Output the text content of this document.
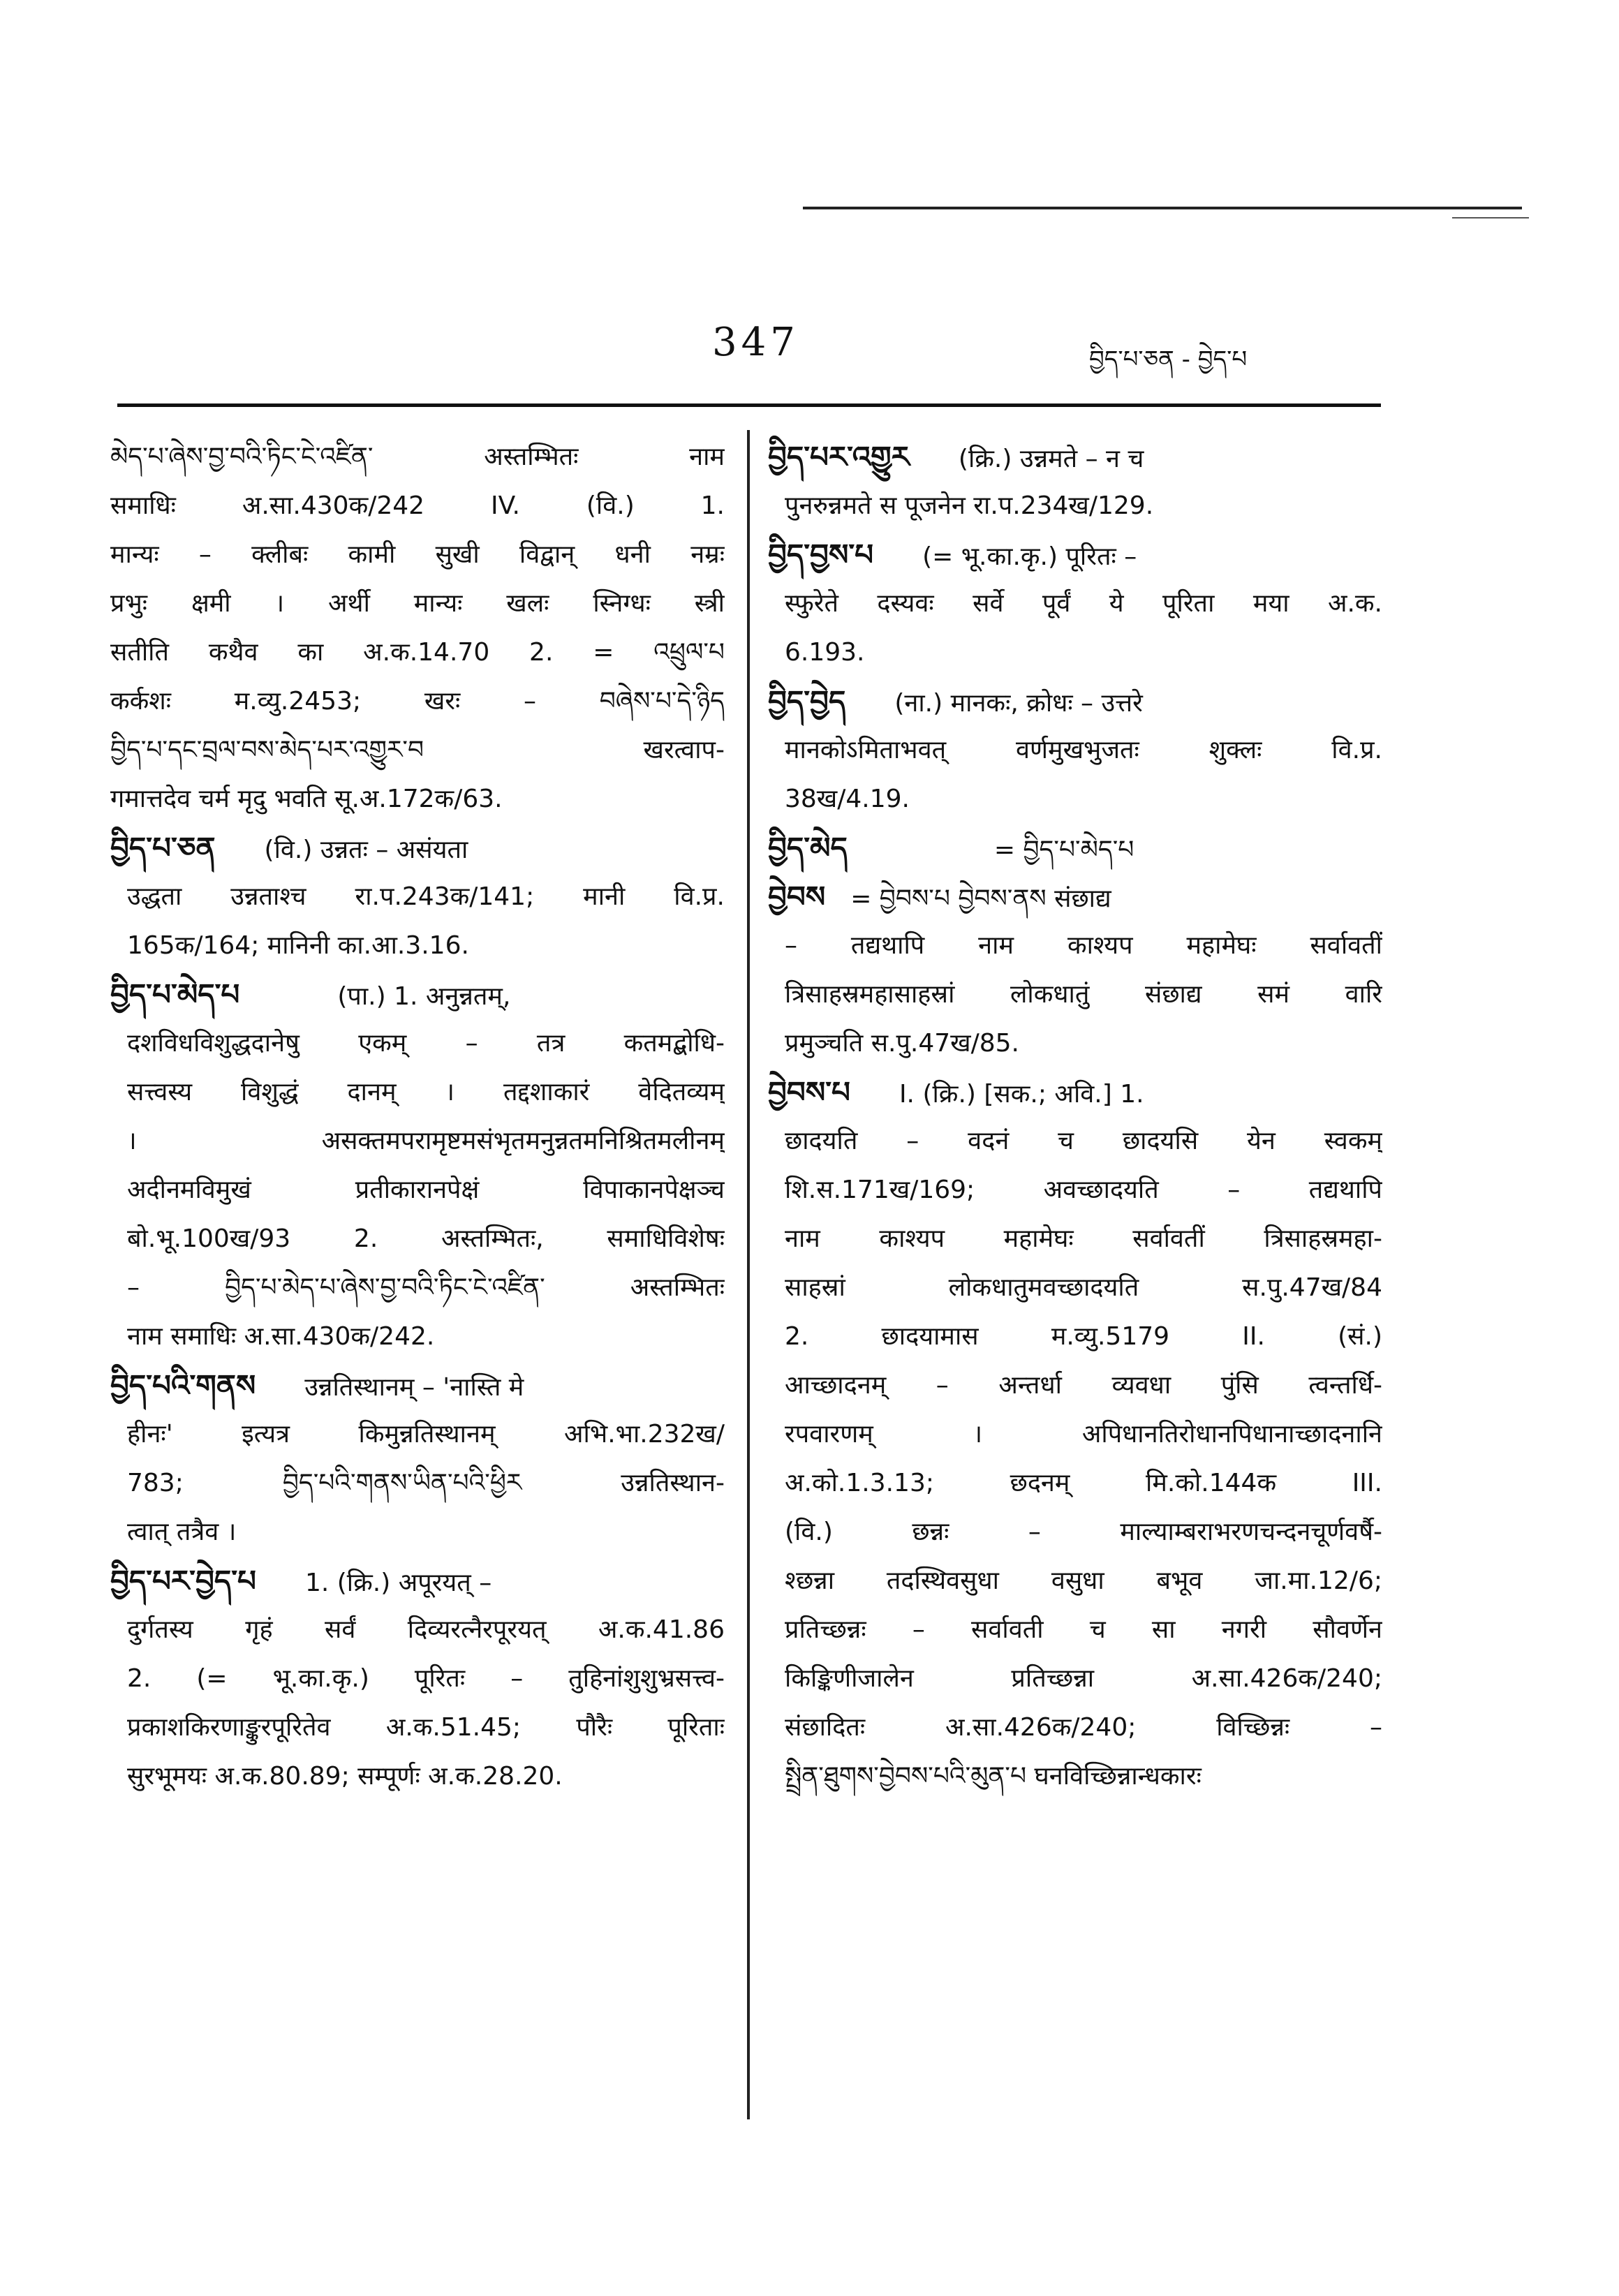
347	བྱིད་པ་ཅན - བྱེད་པ
མེད་པ་ཞེས་བྱ་བའི་ཏིང་ངེ་འཛིན་ अस्तम्भितः नाम
समाधिः अ.सा.430क/242 IV. (वि.) 1.
मान्यः – क्लीबः कामी सुखी विद्वान् धनी नम्रः
प्रभुः क्षमी । अर्थी मान्यः खलः स्निग्धः स्त्री
सतीति कथैव का अ.क.14.70 2. = འཕྲུལ་པ
कर्कशः म.व्यु.2453; खरः – བཞེས་པ་དེ་ཉིད
བྱིད་པ་དང་བྲལ་བས་མེད་པར་འགྱུར་བ खरत्वाप-
गमात्तदेव चर्म मृदु भवति सू.अ.172क/63.
བྱིད་པ་ཅན (वि.) उन्नतः – असंयता
उद्धता उन्नताश्च रा.प.243क/141; मानी वि.प्र.
165क/164; मानिनी का.आ.3.16.
བྱིད་པ་མེད་པ	(पा.) 1. अनुन्नतम्,
दशविधविशुद्धदानेषु एकम् – तत्र कतमद्बोधि-
सत्त्वस्य विशुद्धं दानम् । तद्दशाकारं वेदितव्यम्
। असक्तमपरामृष्टमसंभृतमनुन्नतमनिश्रितमलीनम्
अदीनमविमुखं प्रतीकारानपेक्षं विपाकानपेक्षञ्च
बो.भू.100ख/93 2. अस्तम्भितः, समाधिविशेषः
– བྱིད་པ་མེད་པ་ཞེས་བྱ་བའི་ཏིང་ངེ་འཛིན་ अस्तम्भितः
नाम समाधिः अ.सा.430क/242.
བྱིད་པའི་གནས उन्नतिस्थानम् – 'नास्ति मे
हीनः' इत्यत्र किमुन्नतिस्थानम् अभि.भा.232ख/
783; བྱིད་པའི་གནས་ཡིན་པའི་ཕྱིར उन्नतिस्थान-
त्वात् तत्रैव ।
བྱིད་པར་བྱེད་པ 1. (क्रि.) अपूरयत् –
दुर्गतस्य गृहं सर्वं दिव्यरत्नैरपूरयत् अ.क.41.86
2. (= भू.का.कृ.) पूरितः – तुहिनांशुशुभ्रसत्त्व-
प्रकाशकिरणाङ्कुरपूरितेव अ.क.51.45; पौरैः पूरिताः
सुरभूमयः अ.क.80.89; सम्पूर्णः अ.क.28.20.
བྱིད་པར་འགྱུར (क्रि.) उन्नमते – न च
पुनरुन्नमते स पूजनेन रा.प.234ख/129.
བྱིད་བྱས་པ (= भू.का.कृ.) पूरितः –
स्फुरेते दस्यवः सर्वे पूर्वं ये पूरिता मया अ.क.
6.193.
བྱིད་བྱེད (ना.) मानकः, क्रोधः – उत्तरे
मानकोऽमिताभवत् वर्णमुखभुजतः शुक्लः वि.प्र.
38ख/4.19.
བྱིད་མེད	= བྱིད་པ་མེད་པ
བྱེབས = བྱེབས་པ བྱེབས་ནས संछाद्य
– तद्यथापि नाम काश्यप महामेघः सर्वावतीं
त्रिसाहस्रमहासाहस्रां लोकधातुं संछाद्य समं वारि
प्रमुञ्चति स.पु.47ख/85.
བྱེབས་པ I. (क्रि.) [सक.; अवि.] 1.
छादयति – वदनं च छादयसि येन स्वकम्
शि.स.171ख/169; अवच्छादयति – तद्यथापि
नाम काश्यप महामेघः सर्वावतीं त्रिसाहस्रमहा-
साहस्रां लोकधातुमवच्छादयति स.पु.47ख/84
2. छादयामास म.व्यु.5179 II. (सं.)
आच्छादनम् – अन्तर्धा व्यवधा पुंसि त्वन्तर्धि-
रपवारणम् । अपिधानतिरोधानपिधानाच्छादनानि
अ.को.1.3.13; छदनम् मि.को.144क III.
(वि.) छन्नः – माल्याम्बराभरणचन्दनचूर्णवर्षै-
श्छन्ना तदस्थिवसुधा वसुधा बभूव जा.मा.12/6;
प्रतिच्छन्नः – सर्वावती च सा नगरी सौवर्णेन
किङ्किणीजालेन प्रतिच्छन्ना अ.सा.426क/240;
संछादितः अ.सा.426क/240; विच्छिन्नः –
སྤྲིན་ཐུགས་བྱེབས་པའི་མུན་པ घनविच्छिन्नान्धकारः
